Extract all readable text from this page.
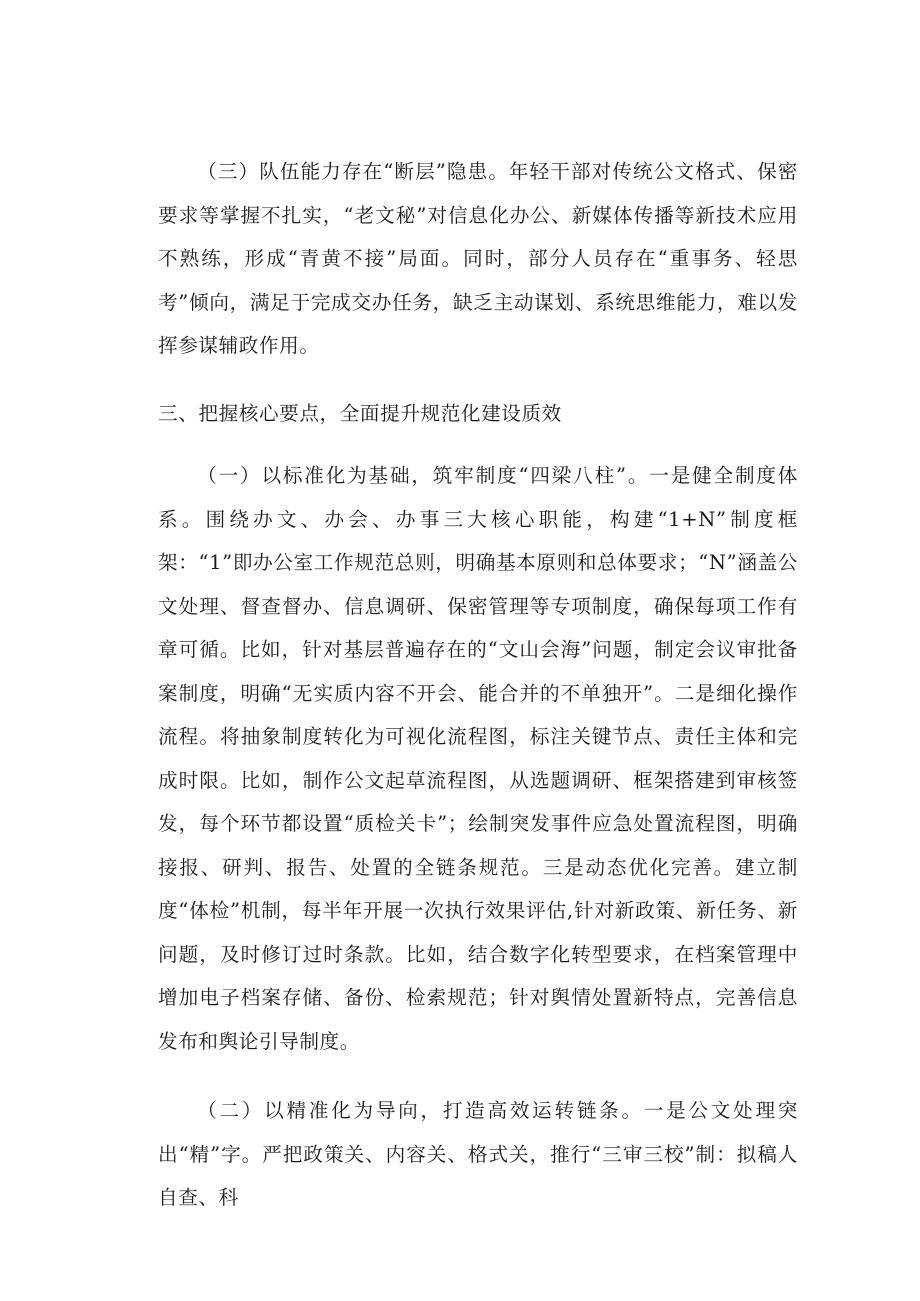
（三）队伍能力存在“断层”隐患。年轻干部对传统公文格式、保密要求等掌握不扎实，“老文秘”对信息化办公、新媒体传播等新技术应用不熟练，形成“青黄不接”局面。同时，部分人员存在“重事务、轻思考”倾向，满足于完成交办任务，缺乏主动谋划、系统思维能力，难以发挥参谋辅政作用。

三、把握核心要点，全面提升规范化建设质效

（一）以标准化为基础，筑牢制度“四梁八柱”。一是健全制度体系。围绕办文、办会、办事三大核心职能，构建“1+N”制度框架：“1”即办公室工作规范总则，明确基本原则和总体要求；“N”涵盖公文处理、督查督办、信息调研、保密管理等专项制度，确保每项工作有章可循。比如，针对基层普遍存在的“文山会海”问题，制定会议审批备案制度，明确“无实质内容不开会、能合并的不单独开”。二是细化操作流程。将抽象制度转化为可视化流程图，标注关键节点、责任主体和完成时限。比如，制作公文起草流程图，从选题调研、框架搭建到审核签发，每个环节都设置“质检关卡”；绘制突发事件应急处置流程图，明确接报、研判、报告、处置的全链条规范。三是动态优化完善。建立制度“体检”机制，每半年开展一次执行效果评估,针对新政策、新任务、新问题，及时修订过时条款。比如，结合数字化转型要求，在档案管理中增加电子档案存储、备份、检索规范；针对舆情处置新特点，完善信息发布和舆论引导制度。

（二）以精准化为导向，打造高效运转链条。一是公文处理突出“精”字。严把政策关、内容关、格式关，推行“三审三校”制：拟稿人自查、科
